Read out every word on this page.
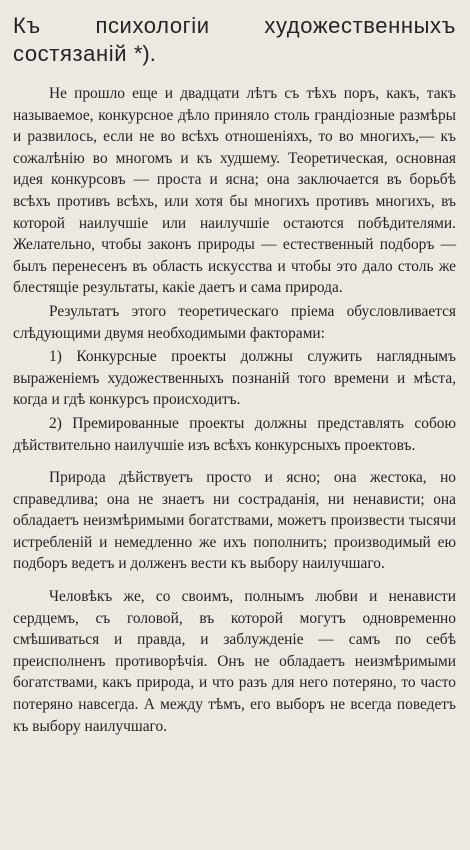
Къ психологіи художественныхъ состязаній *).

Не прошло еще и двадцати лѣтъ съ тѣхъ поръ, какъ, такъ называемое, конкурсное дѣло приняло столь грандіозные размѣры и развилось, если не во всѣхъ отношеніяхъ, то во многихъ,— къ сожалѣнію во многомъ и къ худшему. Теоретическая, основная идея конкурсовъ — проста и ясна; она заключается въ борьбѣ всѣхъ противъ всѣхъ, или хотя бы многихъ противъ многихъ, въ которой наилучшіе или наилучшіе остаются побѣдителями. Желательно, чтобы законъ природы — естественный подборъ — былъ перенесенъ въ область искусства и чтобы это дало столь же блестящіе результаты, какіе даетъ и сама природа.

Результатъ этого теоретическаго пріема обусловливается слѣдующими двумя необходимыми факторами:

1) Конкурсные проекты должны служить нагляднымъ выраженіемъ художественныхъ познаній того времени и мѣста, когда и гдѣ конкурсъ происходитъ.

2) Премированные проекты должны представлять собою дѣйствительно наилучшіе изъ всѣхъ конкурсныхъ проектовъ.

Природа дѣйствуетъ просто и ясно; она жестока, но справедлива; она не знаетъ ни состраданія, ни ненависти; она обладаетъ неизмѣримыми богатствами, можетъ произвести тысячи истребленій и немедленно же ихъ пополнить; производимый ею подборъ ведетъ и долженъ вести къ выбору наилучшаго.

Человѣкъ же, со своимъ, полнымъ любви и ненависти сердцемъ, съ головой, въ которой могутъ одновременно смѣшиваться и правда, и заблужденіе — самъ по себѣ преисполненъ противорѣчія. Онъ не обладаетъ неизмѣримыми богатствами, какъ природа, и что разъ для него потеряно, то часто потеряно навсегда. А между тѣмъ, его выборъ не всегда поведетъ къ выбору наилучшаго.
